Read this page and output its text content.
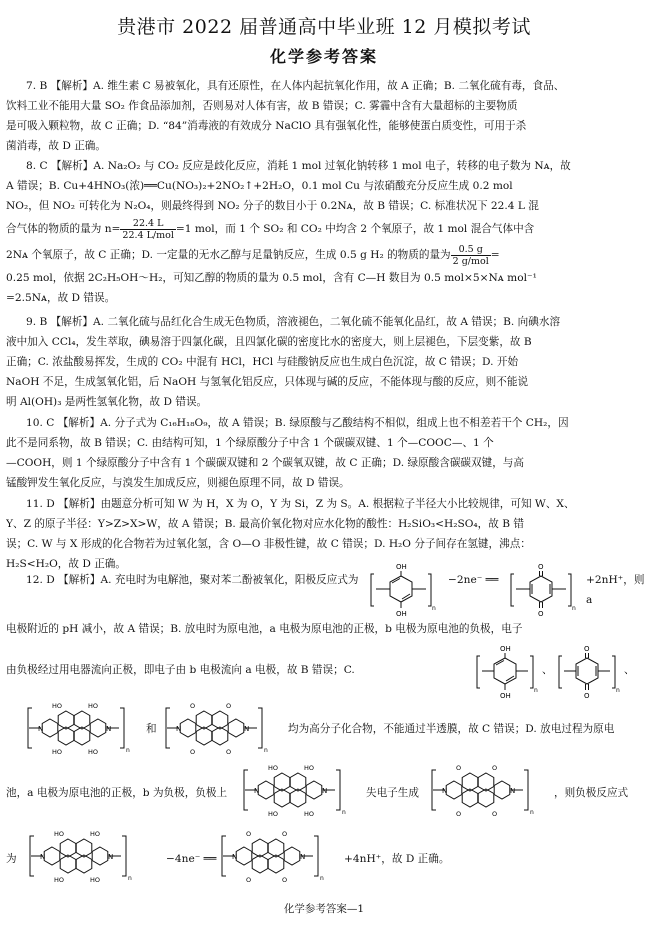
贵港市 2022 届普通高中毕业班 12 月模拟考试
化学参考答案
7. B 【解析】A. 维生素 C 易被氧化，具有还原性，在人体内起抗氧化作用，故 A 正确；B. 二氧化硫有毒，食品、
饮料工业不能用大量 SO₂ 作食品添加剂，否则易对人体有害，故 B 错误；C. 雾霾中含有大量超标的主要物质
是可吸入颗粒物，故 C 正确；D. “84”消毒液的有效成分 NaClO 具有强氧化性，能够使蛋白质变性，可用于杀
菌消毒，故 D 正确。
8. C 【解析】A. Na₂O₂ 与 CO₂ 反应是歧化反应，消耗 1 mol 过氧化钠转移 1 mol 电子，转移的电子数为 Nᴀ，故
A 错误；B. Cu+4HNO₃(浓)══Cu(NO₃)₂+2NO₂↑+2H₂O，0.1 mol Cu 与浓硝酸充分反应生成 0.2 mol
NO₂，但 NO₂ 可转化为 N₂O₄，则最终得到 NO₂ 分子的数目小于 0.2Nᴀ，故 B 错误；C. 标准状况下 22.4 L 混
合气体的物质的量为 $n= \frac{22.4 L}{\text{22.4 L/mol}} =1$ mol，而 1 个 SO₂ 和 CO₂ 中均含 2 个氧原子，故 1 mol 混合气体中含
2Nᴀ 个氧原子，故 C 正确；D. 一定量的无水乙醇与足量钠反应，生成 0.5 g H₂ 的物质的量为 $\frac{0.5 g}{\text{2 g/mol}}$ =
0.25 mol，依据 2C₂H₅OH～H₂，可知乙醇的物质的量为 0.5 mol，含有 C—H 数目为 0.5 mol×5×Nᴀ mol⁻¹
=2.5Nᴀ，故 D 错误。
9. B 【解析】A. 二氧化硫与品红化合生成无色物质，溶液褪色，二氧化硫不能氧化品红，故 A 错误；B. 向碘水溶
液中加入 CCl₄，发生萃取，碘易溶于四氯化碳，且四氯化碳的密度比水的密度大，则上层褪色，下层变紫，故 B
正确；C. 浓盐酸易挥发，生成的 CO₂ 中混有 HCl，HCl 与硅酸钠反应也生成白色沉淀，故 C 错误；D. 开始
NaOH 不足，生成氢氧化铝，后 NaOH 与氢氧化铝反应，只体现与碱的反应，不能体现与酸的反应，则不能说
明 Al(OH)₃ 是两性氢氧化物，故 D 错误。
10. C 【解析】A. 分子式为 C₁₆H₁₈O₉，故 A 错误；B. 绿原酸与乙酸结构不相似，组成上也不相差若干个 CH₂，因
此不是同系物，故 B 错误；C. 由结构可知，1 个绿原酸分子中含 1 个碳碳双键、1 个—COOC—、1 个
—COOH，则 1 个绿原酸分子中含有 1 个碳碳双键和 2 个碳氧双键，故 C 正确；D. 绿原酸含碳碳双键，与高
锰酸钾发生氧化反应，与溴发生加成反应，则褪色原理不同，故 D 错误。
11. D 【解析】由题意分析可知 W 为 H，X 为 O，Y 为 Si，Z 为 S。A. 根据粒子半径大小比较规律，可知 W、X、
Y、Z 的原子半径：Y>Z>X>W，故 A 错误；B. 最高价氧化物对应水化物的酸性：H₂SiO₃<H₂SO₄，故 B 错
误；C. W 与 X 形成的化合物若为过氧化氢，含 O—O 非极性键，故 C 错误；D. H₂O 分子间存在氢键，沸点：
H₂S<H₂O，故 D 正确。
12. D 【解析】A. 充电时为电解池，聚对苯二酚被氧化，阳极反应式为	−2ne⁻ ══	+2nH⁺，则 a
电极附近的 pH 减小，故 A 错误；B. 放电时为原电池，a 电极为原电池的正极，b 电极为原电池的负极，电子
由负极经过用电器流向正极，即电子由 b 电极流向 a 电极，故 B 错误；C.	、	、
和	均为高分子化合物，不能通过半透膜，故 C 错误；D. 放电过程为原电
池，a 电极为原电池的正极，b 为负极，负极上	失电子生成	，则负极反应式
为	−4ne⁻ ══	+4nH⁺，故 D 正确。
OH
OH
n
O
O
n
OH
OH
n
O
O
n
HO	HO
HO	HO
N	N
n
O	O
O	O
N	N
n
HO	HO
HO	HO
N	N
n
O	O
O	O
N	N
n
HO	HO
HO	HO
N	N
n
O	O
O	O
N	N
n
化学参考答案—1
